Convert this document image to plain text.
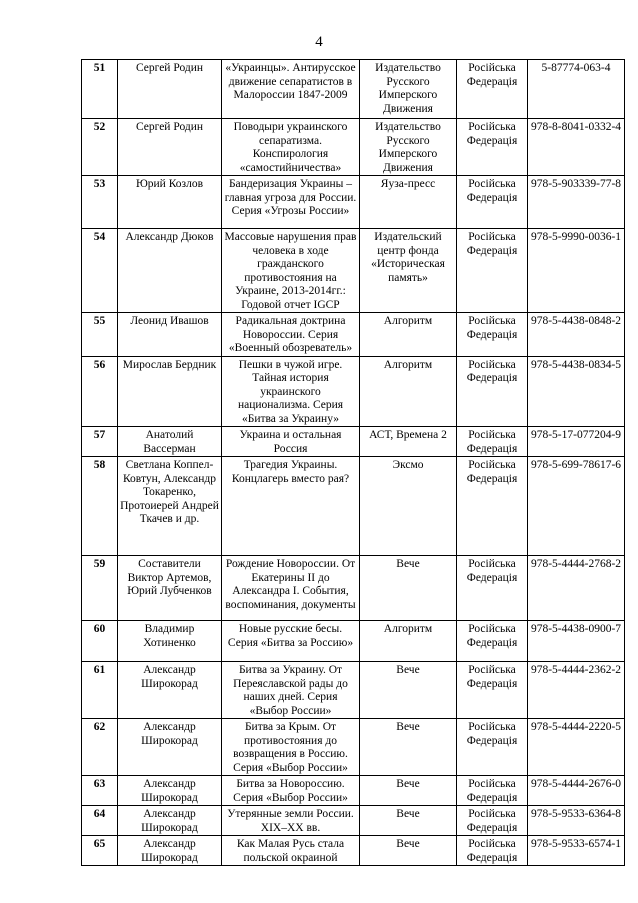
4
51	Сергей Родин	«Украинцы». Антирусское движение сепаратистов в Малороссии 1847-2009	Издательство Русского Имперского Движения	Російська Федерація	5-87774-063-4
52	Сергей Родин	Поводыри украинского сепаратизма. Конспирология «самостийничества»	Издательство Русского Имперского Движения	Російська Федерація	978-8-8041-0332-4
53	Юрий Козлов	Бандеризация Украины – главная угроза для России. Серия «Угрозы России»	Яуза-пресс	Російська Федерація	978-5-903339-77-8
54	Александр Дюков	Массовые нарушения прав человека в ходе гражданского противостояния на Украине, 2013-2014гг.: Годовой отчет IGCP	Издательский центр фонда «Историческая память»	Російська Федерація	978-5-9990-0036-1
55	Леонид Ивашов	Радикальная доктрина Новороссии. Серия «Военный обозреватель»	Алгоритм	Російська Федерація	978-5-4438-0848-2
56	Мирослав Бердник	Пешки в чужой игре. Тайная история украинского национализма. Серия «Битва за Украину»	Алгоритм	Російська Федерація	978-5-4438-0834-5
57	Анатолий Вассерман	Украина и остальная Россия	АСТ, Времена 2	Російська Федерація	978-5-17-077204-9
58	Светлана Коппел-Ковтун, Александр Токаренко, Протоиерей Андрей Ткачев и др.	Трагедия Украины. Концлагерь вместо рая?	Эксмо	Російська Федерація	978-5-699-78617-6
59	Составители Виктор Артемов, Юрий Лубченков	Рождение Новороссии. От Екатерины II до Александра I. События, воспоминания, документы	Вече	Російська Федерація	978-5-4444-2768-2
60	Владимир Хотиненко	Новые русские бесы. Серия «Битва за Россию»	Алгоритм	Російська Федерація	978-5-4438-0900-7
61	Александр Широкорад	Битва за Украину. От Переяславской рады до наших дней. Серия «Выбор России»	Вече	Російська Федерація	978-5-4444-2362-2
62	Александр Широкорад	Битва за Крым. От противостояния до возвращения в Россию. Серия «Выбор России»	Вече	Російська Федерація	978-5-4444-2220-5
63	Александр Широкорад	Битва за Новороссию. Серия «Выбор России»	Вече	Російська Федерація	978-5-4444-2676-0
64	Александр Широкорад	Утерянные земли России. XIX–XX вв.	Вече	Російська Федерація	978-5-9533-6364-8
65	Александр Широкорад	Как Малая Русь стала польской окраиной	Вече	Російська Федерація	978-5-9533-6574-1
